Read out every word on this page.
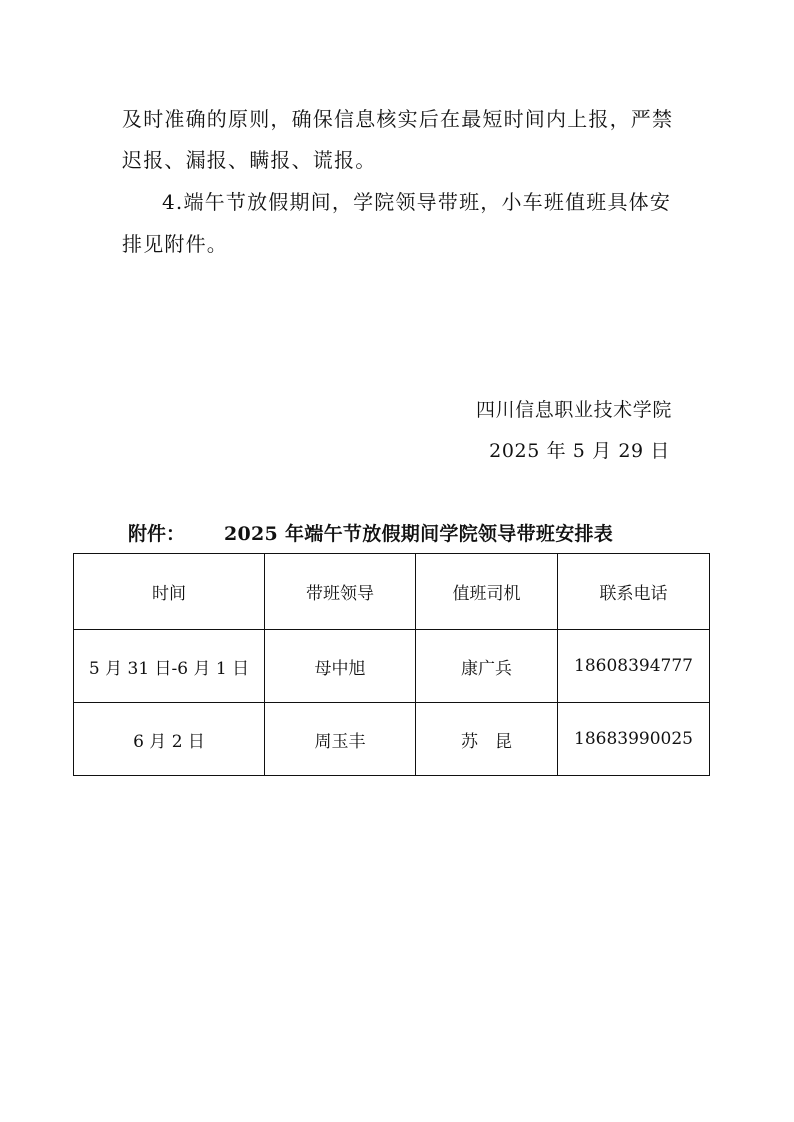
及时准确的原则，确保信息核实后在最短时间内上报，严禁
迟报、漏报、瞒报、谎报。
4.端午节放假期间，学院领导带班，小车班值班具体安
排见附件。
四川信息职业技术学院
2025 年 5 月 29 日
附件： 2025 年端午节放假期间学院领导带班安排表
时间	带班领导	值班司机	联系电话
5 月 31 日-6 月 1 日	母中旭	康广兵	18608394777
6 月 2 日	周玉丰	苏　昆	18683990025
